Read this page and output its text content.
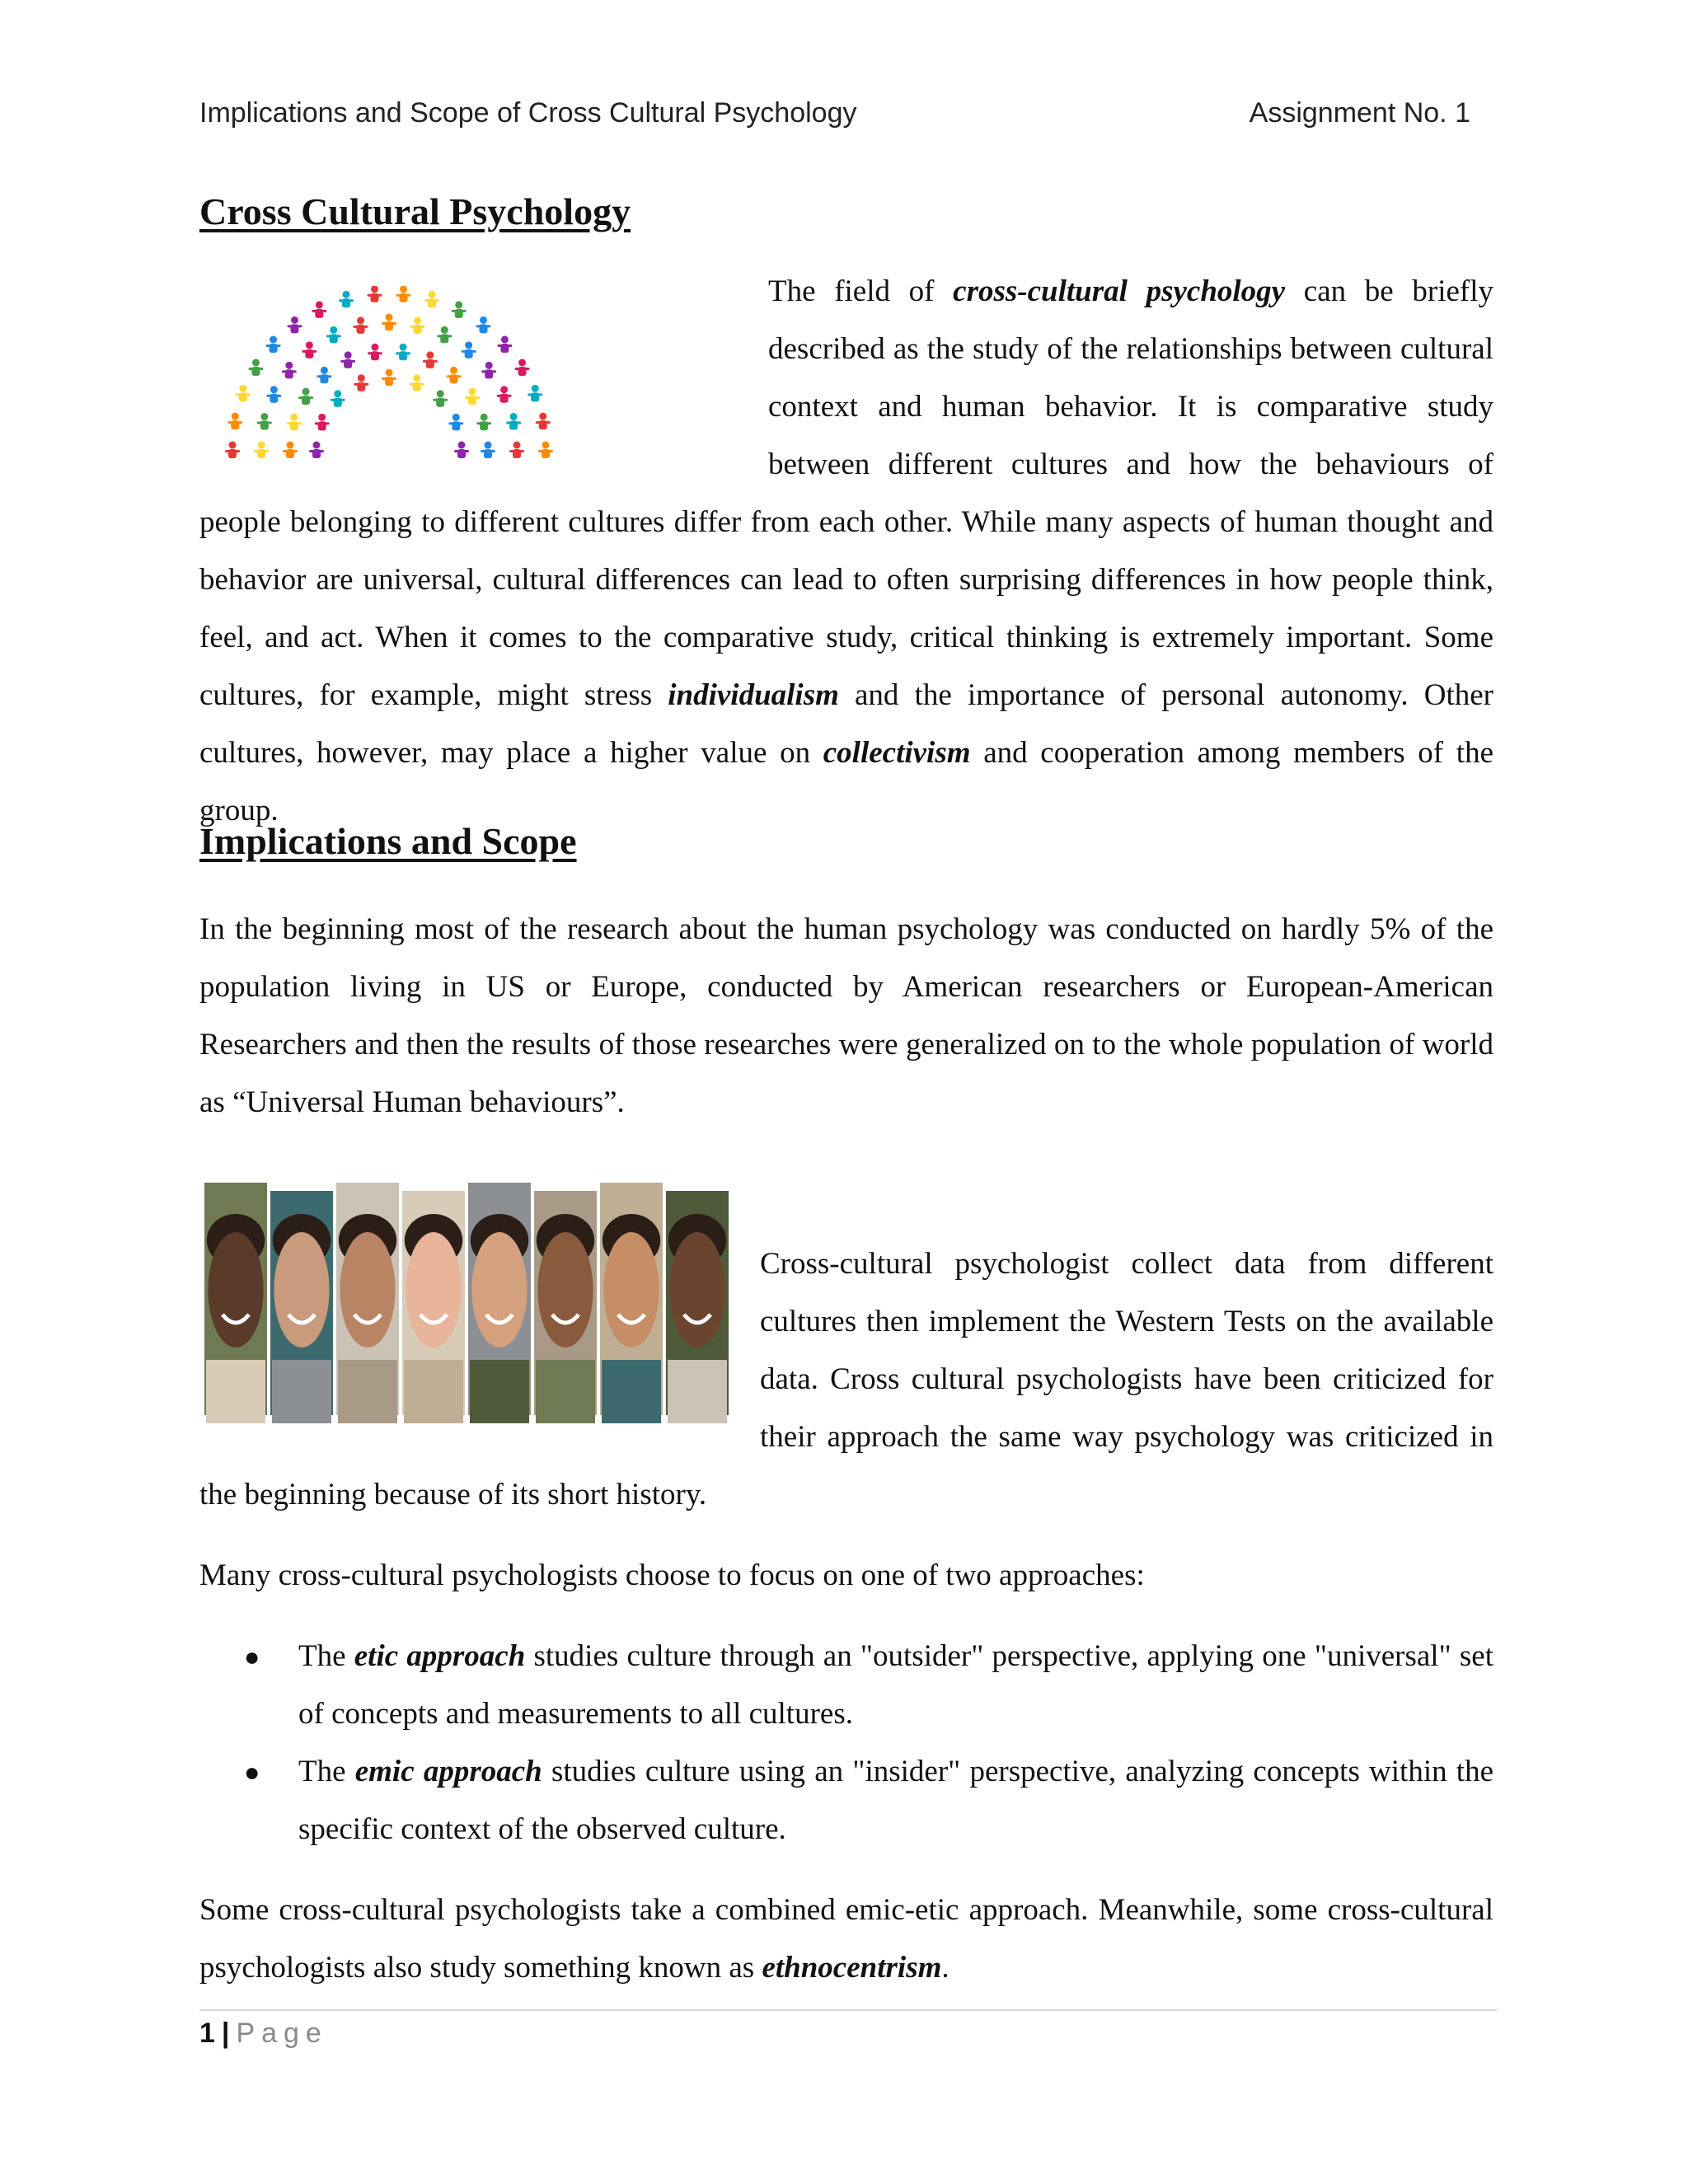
Implications and Scope of Cross Cultural Psychology	Assignment No. 1
Cross Cultural Psychology

The field of cross-cultural psychology can be briefly described as the study of the relationships between cultural context and human behavior. It is comparative study between different cultures and how the behaviours of people belonging to different cultures differ from each other. While many aspects of human thought and behavior are universal, cultural differences can lead to often surprising differences in how people think, feel, and act. When it comes to the comparative study, critical thinking is extremely important. Some cultures, for example, might stress individualism and the importance of personal autonomy. Other cultures, however, may place a higher value on collectivism and cooperation among members of the group.

Implications and Scope

In the beginning most of the research about the human psychology was conducted on hardly 5% of the population living in US or Europe, conducted by American researchers or European-American Researchers and then the results of those researches were generalized on to the whole population of world as “Universal Human behaviours”.

Cross-cultural psychologist collect data from different cultures then implement the Western Tests on the available data. Cross cultural psychologists have been criticized for their approach the same way psychology was criticized in the beginning because of its short history.

Many cross-cultural psychologists choose to focus on one of two approaches:

● The etic approach studies culture through an "outsider" perspective, applying one "universal" set of concepts and measurements to all cultures.
● The emic approach studies culture using an "insider" perspective, analyzing concepts within the specific context of the observed culture.

Some cross-cultural psychologists take a combined emic-etic approach. Meanwhile, some cross-cultural psychologists also study something known as ethnocentrism.

1 | Page
